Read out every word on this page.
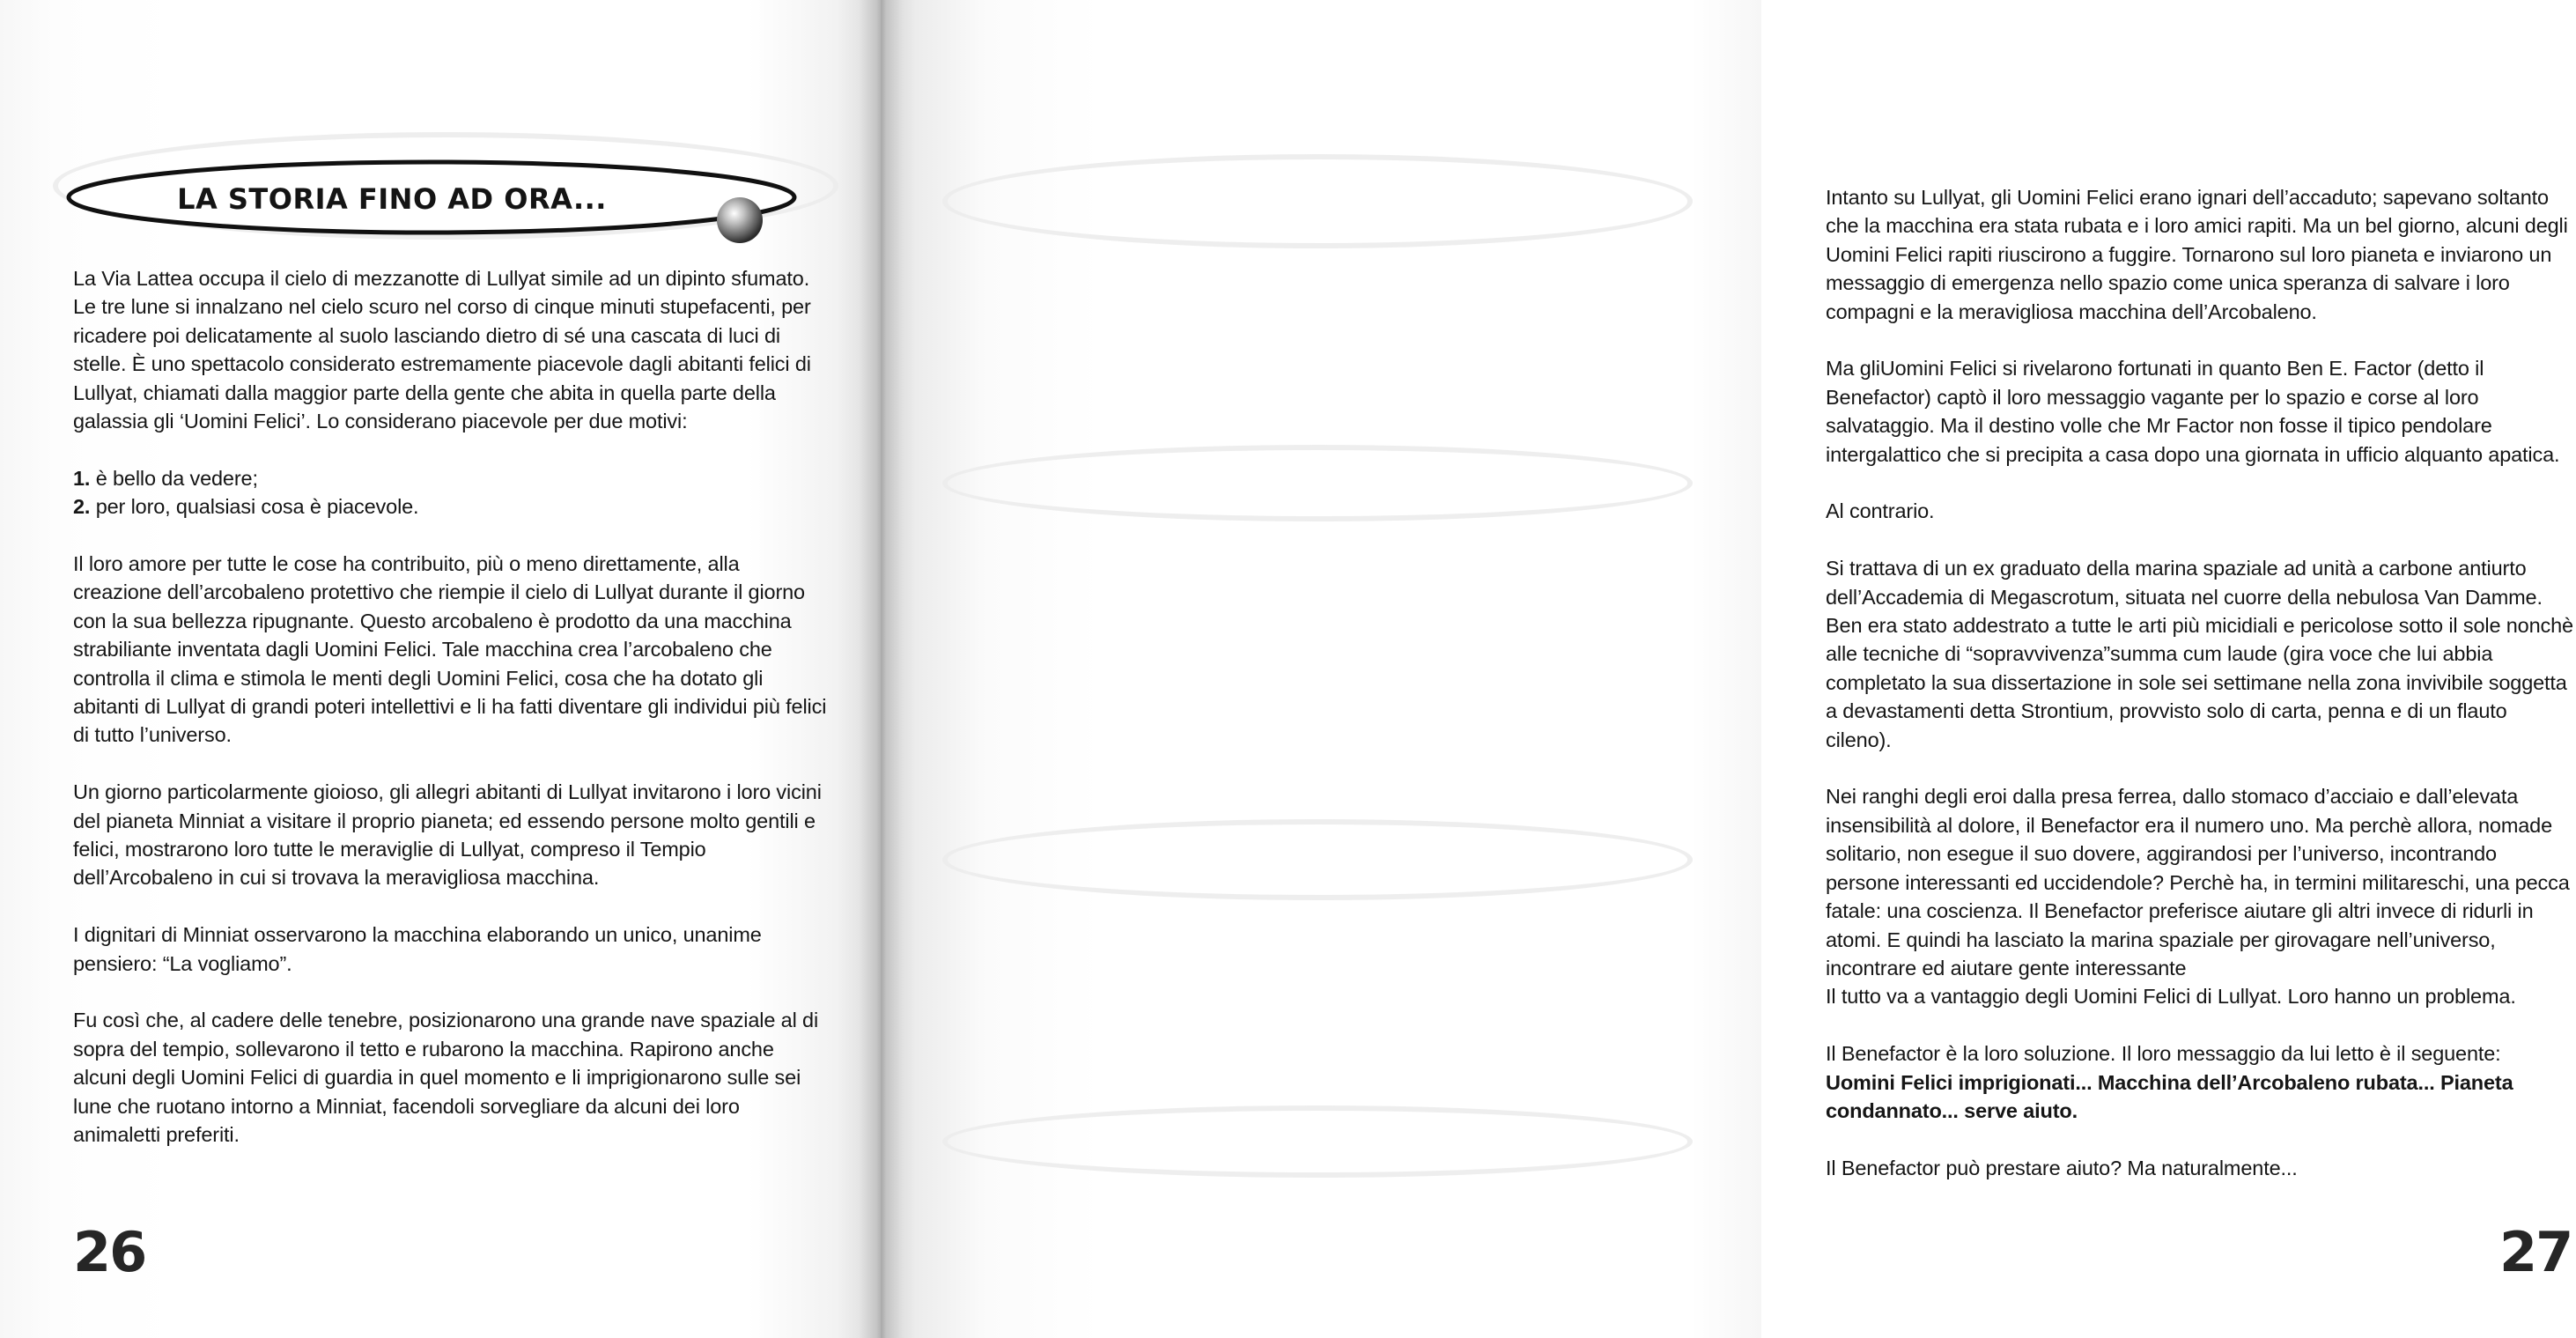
LA STORIA FINO AD ORA...

La Via Lattea occupa il cielo di mezzanotte di Lullyat simile ad un dipinto sfumato. Le tre lune si innalzano nel cielo scuro nel corso di cinque minuti stupefacenti, per ricadere poi delicatamente al suolo lasciando dietro di sé una cascata di luci di stelle. È uno spettacolo considerato estremamente piacevole dagli abitanti felici di Lullyat, chiamati dalla maggior parte della gente che abita in quella parte della galassia gli ‘Uomini Felici’. Lo considerano piacevole per due motivi:

1. è bello da vedere;

2. per loro, qualsiasi cosa è piacevole.

Il loro amore per tutte le cose ha contribuito, più o meno direttamente, alla creazione dell’arcobaleno protettivo che riempie il cielo di Lullyat durante il giorno con la sua bellezza ripugnante. Questo arcobaleno è prodotto da una macchina strabiliante inventata dagli Uomini Felici. Tale macchina crea l’arcobaleno che controlla il clima e stimola le menti degli Uomini Felici, cosa che ha dotato gli abitanti di Lullyat di grandi poteri intellettivi e li ha fatti diventare gli individui più felici di tutto l’universo.

Un giorno particolarmente gioioso, gli allegri abitanti di Lullyat invitarono i loro vicini del pianeta Minniat a visitare il proprio pianeta; ed essendo persone molto gentili e felici, mostrarono loro tutte le meraviglie di Lullyat, compreso il Tempio dell’Arcobaleno in cui si trovava la meravigliosa macchina.

I dignitari di Minniat osservarono la macchina elaborando un unico, unanime pensiero: “La vogliamo”.

Fu così che, al cadere delle tenebre, posizionarono una grande nave spaziale al di sopra del tempio, sollevarono il tetto e rubarono la macchina. Rapirono anche alcuni degli Uomini Felici di guardia in quel momento e li imprigionarono sulle sei lune che ruotano intorno a Minniat, facendoli sorvegliare da alcuni dei loro animaletti preferiti.

26

Intanto su Lullyat, gli Uomini Felici erano ignari dell’accaduto; sapevano soltanto che la macchina era stata rubata e i loro amici rapiti. Ma un bel giorno, alcuni degli Uomini Felici rapiti riuscirono a fuggire. Tornarono sul loro pianeta e inviarono un messaggio di emergenza nello spazio come unica speranza di salvare i loro compagni e la meravigliosa macchina dell’Arcobaleno.

Ma gliUomini Felici si rivelarono fortunati in quanto Ben E. Factor (detto il Benefactor) captò il loro messaggio vagante per lo spazio e corse al loro salvataggio. Ma il destino volle che Mr Factor non fosse il tipico pendolare intergalattico che si precipita a casa dopo una giornata in ufficio alquanto apatica.

Al contrario.

Si trattava di un ex graduato della marina spaziale ad unità a carbone antiurto dell’Accademia di Megascrotum, situata nel cuorre della nebulosa Van Damme. Ben era stato addestrato a tutte le arti più micidiali e pericolose sotto il sole nonchè alle tecniche di “sopravvivenza”summa cum laude (gira voce che lui abbia completato la sua dissertazione in sole sei settimane nella zona invivibile soggetta a devastamenti detta Strontium, provvisto solo di carta, penna e di un flauto cileno).

Nei ranghi degli eroi dalla presa ferrea, dallo stomaco d’acciaio e dall’elevata insensibilità al dolore, il Benefactor era il numero uno. Ma perchè allora, nomade solitario, non esegue il suo dovere, aggirandosi per l’universo, incontrando persone interessanti ed uccidendole? Perchè ha, in termini militareschi, una pecca fatale: una coscienza. Il Benefactor preferisce aiutare gli altri invece di ridurli in atomi. E quindi ha lasciato la marina spaziale per girovagare nell’universo, incontrare ed aiutare gente interessante

Il tutto va a vantaggio degli Uomini Felici di Lullyat. Loro hanno un problema.

Il Benefactor è la loro soluzione. Il loro messaggio da lui letto è il seguente:

Uomini Felici imprigionati... Macchina dell’Arcobaleno rubata... Pianeta condannato... serve aiuto.

Il Benefactor può prestare aiuto? Ma naturalmente...

27
